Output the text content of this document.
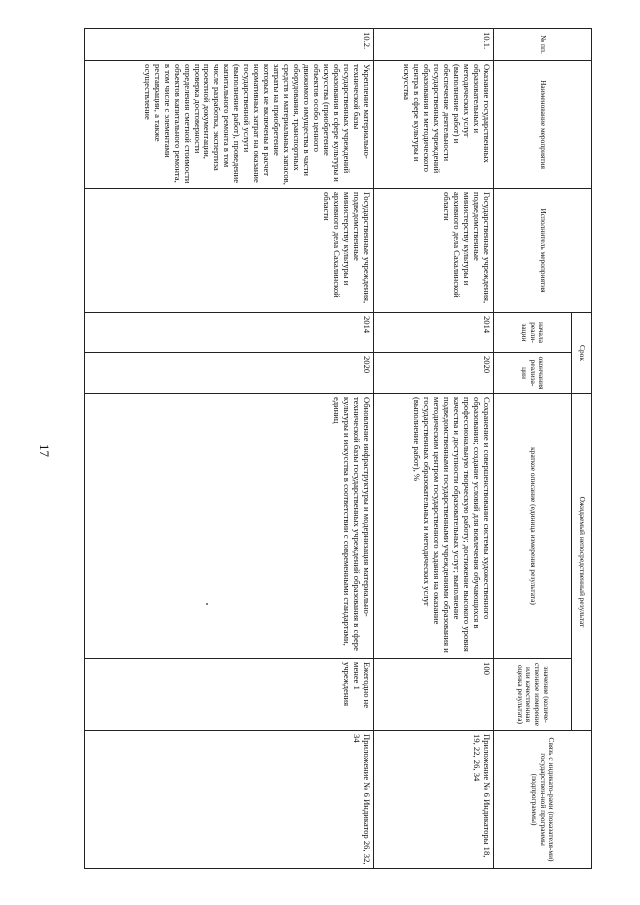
17
№ пп.	Наименование мероприятия	Исполнитель мероприятия	Срок		Ожидаемый непосредственный результат		Связь с индикато-рами (показателя-ми) государствен-ной программы (подпрограммы)
			начала реали-зации	окончания реализа-ции	краткое описание (единица измерения результата)	значение (количе-ственное измерение или качественная оценка результата)	
10.1.	Оказание государственных образовательных и методических услуг (выполнение работ) и обеспечение деятельности государственных учреждений образования и методического центра в сфере культуры и искусства	Государственные учреждения, подведомственные министерству культуры и архивного дела Сахалинской области	2014	2020	Сохранение и совершенствование системы художественного образования; создание условий для вовлечения обучающихся в профессиональную творческую работу; достижение высокого уровня качества и доступности образовательных услуг; выполнение подведомственными государственными учреждениями образования и методическим центром государственного задания на оказание государственных образовательных и методических услуг (выполнение работ), %	100	Приложение № 6 Индикаторы 18, 19, 22, 26, 34
10.2.	Укрепление материально-технической базы государственных учреждений образования в сфере культуры и искусства (приобретение объектов особо ценного движимого имущества в части оборудования, транспортных средств и материальных запасов, затраты на приобретение которых не включены в расчет нормативных затрат на оказание государственной услуги (выполнение работ), проведение капитального ремонта в том числе разработка, экспертиза проектной документации, проверка достоверности определения сметной стоимости объектов капитального ремонта, в том числе с элементами реставрации, а также осуществление	Государственные учреждения, подведомственные министерству культуры и архивного дела Сахалинской области	2014	2020	Обновление инфраструктуры и модернизация материально-технической базы государственных учреждений образования в сфере культуры и искусства в соответствии с современными стандартами, единиц	Ежегодно не менее 1 учреждения	Приложение № 6 Индикатор 26, 32, 34
